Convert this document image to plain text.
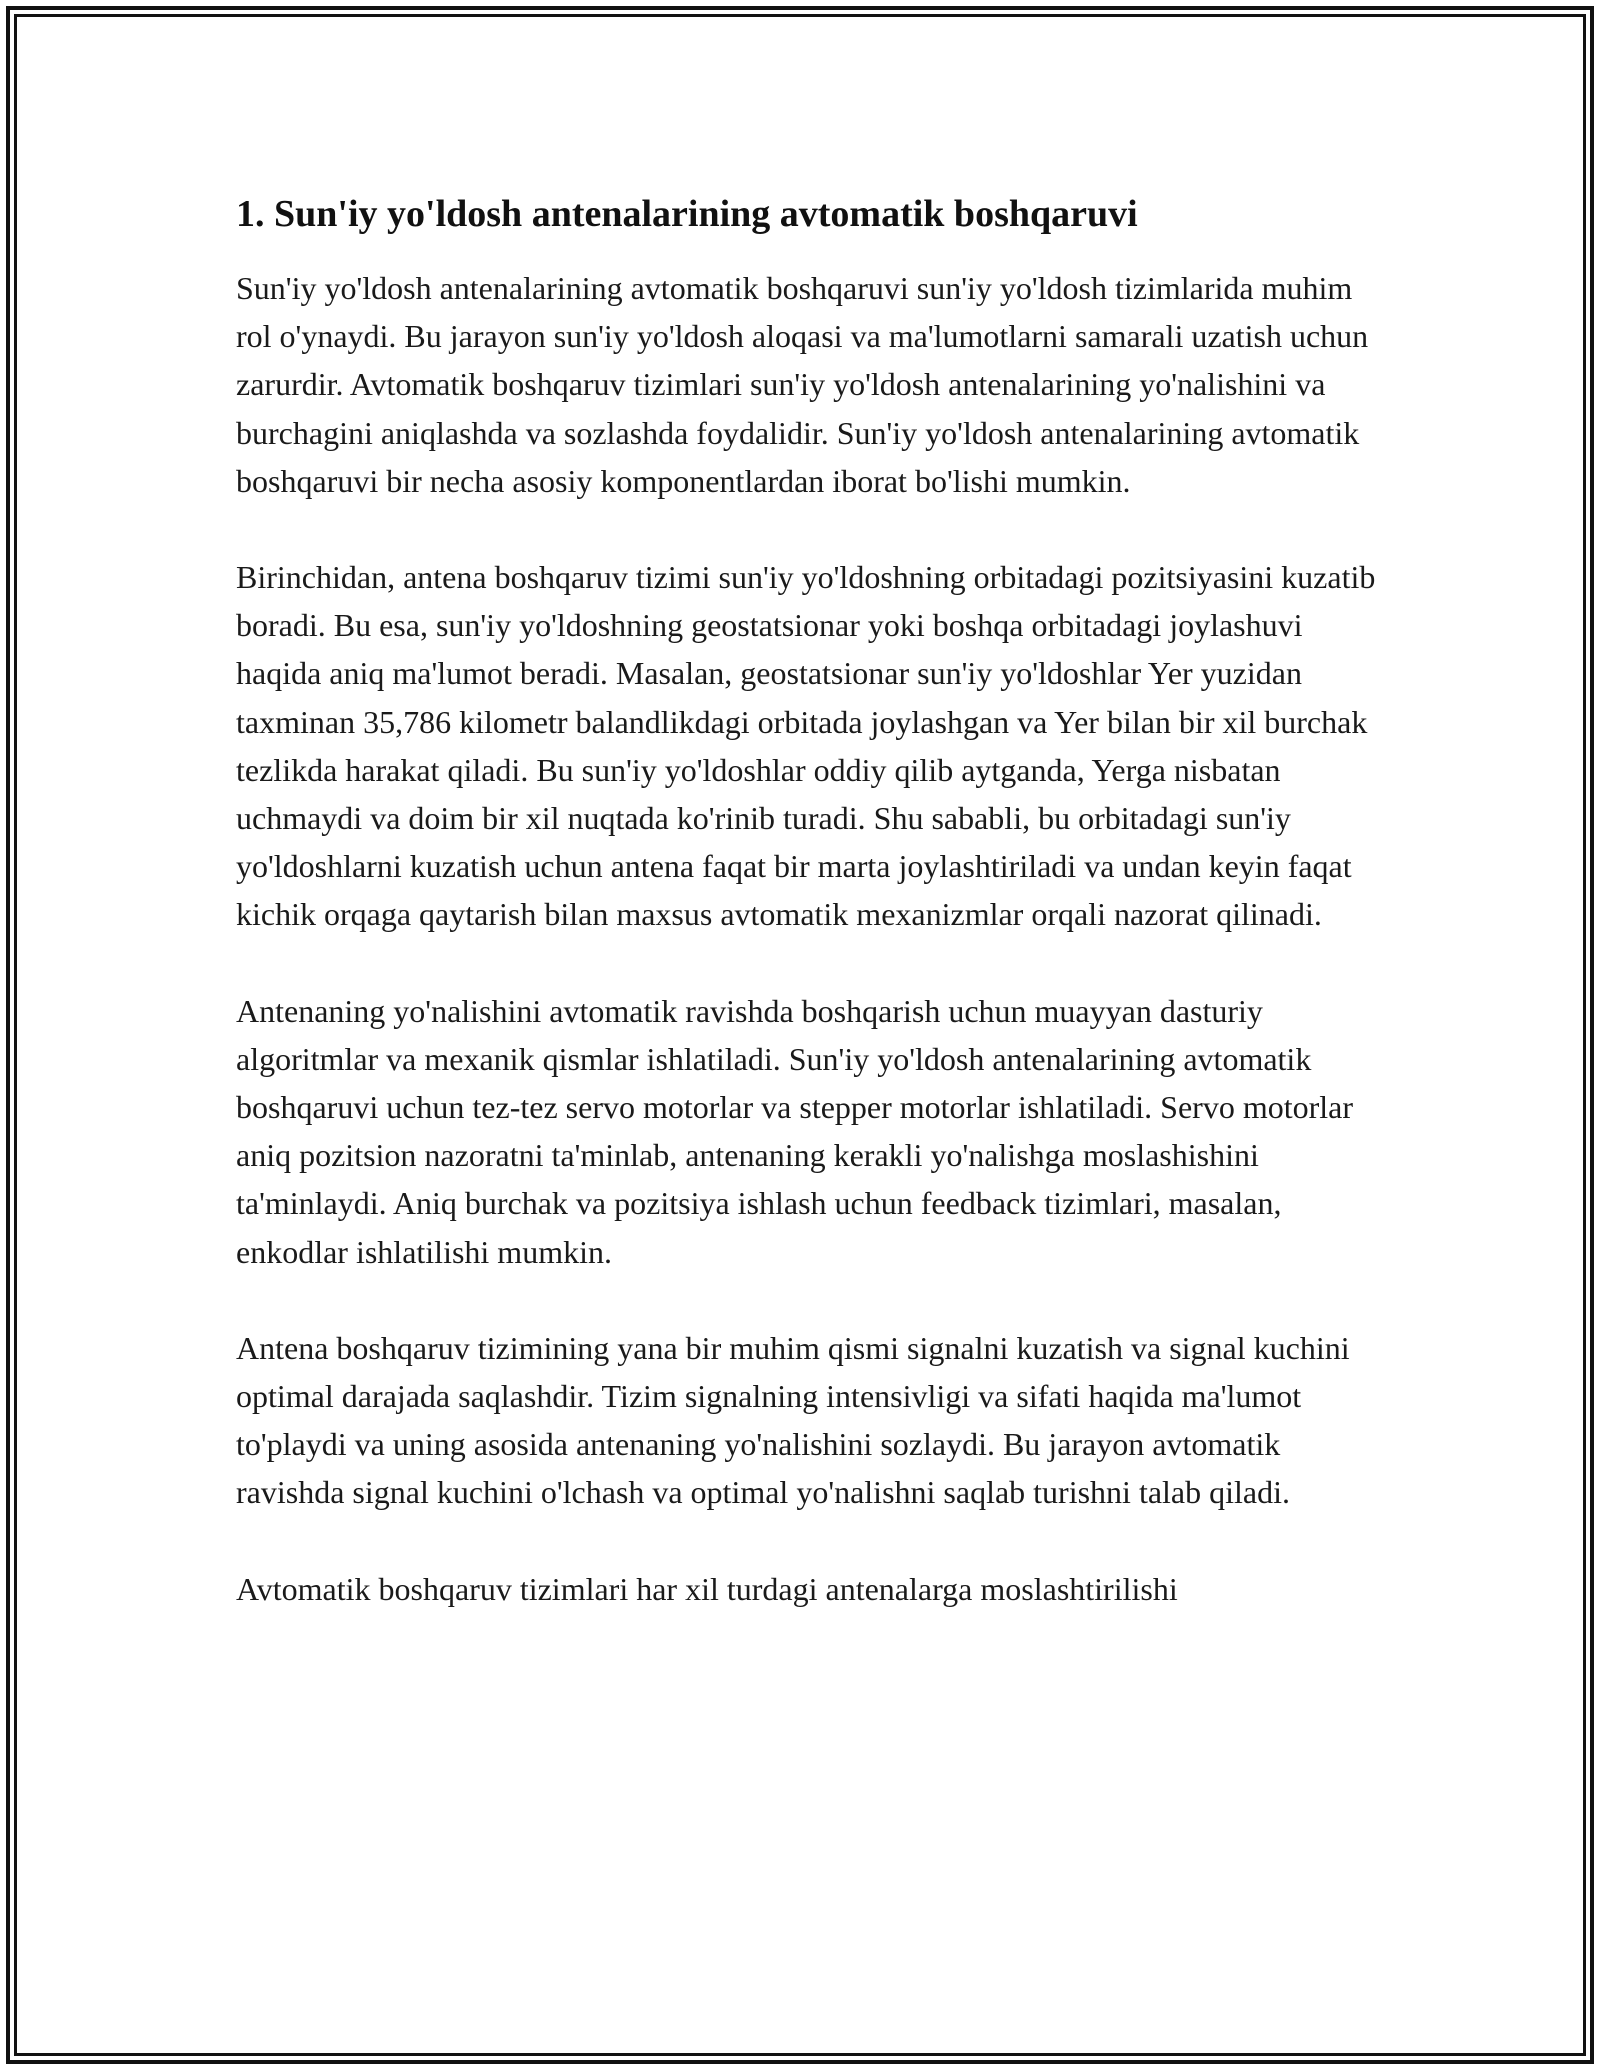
1. Sun'iy yo'ldosh antenalarining avtomatik boshqaruvi

Sun'iy yo'ldosh antenalarining avtomatik boshqaruvi sun'iy yo'ldosh tizimlarida muhim rol o'ynaydi. Bu jarayon sun'iy yo'ldosh aloqasi va ma'lumotlarni samarali uzatish uchun zarurdir. Avtomatik boshqaruv tizimlari sun'iy yo'ldosh antenalarining yo'nalishini va burchagini aniqlashda va sozlashda foydalidir. Sun'iy yo'ldosh antenalarining avtomatik boshqaruvi bir necha asosiy komponentlardan iborat bo'lishi mumkin.

Birinchidan, antena boshqaruv tizimi sun'iy yo'ldoshning orbitadagi pozitsiyasini kuzatib boradi. Bu esa, sun'iy yo'ldoshning geostatsionar yoki boshqa orbitadagi joylashuvi haqida aniq ma'lumot beradi. Masalan, geostatsionar sun'iy yo'ldoshlar Yer yuzidan taxminan 35,786 kilometr balandlikdagi orbitada joylashgan va Yer bilan bir xil burchak tezlikda harakat qiladi. Bu sun'iy yo'ldoshlar oddiy qilib aytganda, Yerga nisbatan uchmaydi va doim bir xil nuqtada ko'rinib turadi. Shu sababli, bu orbitadagi sun'iy yo'ldoshlarni kuzatish uchun antena faqat bir marta joylashtiriladi va undan keyin faqat kichik orqaga qaytarish bilan maxsus avtomatik mexanizmlar orqali nazorat qilinadi.

Antenaning yo'nalishini avtomatik ravishda boshqarish uchun muayyan dasturiy algoritmlar va mexanik qismlar ishlatiladi. Sun'iy yo'ldosh antenalarining avtomatik boshqaruvi uchun tez-tez servo motorlar va stepper motorlar ishlatiladi. Servo motorlar aniq pozitsion nazoratni ta'minlab, antenaning kerakli yo'nalishga moslashishini ta'minlaydi. Aniq burchak va pozitsiya ishlash uchun feedback tizimlari, masalan, enkodlar ishlatilishi mumkin.

Antena boshqaruv tizimining yana bir muhim qismi signalni kuzatish va signal kuchini optimal darajada saqlashdir. Tizim signalning intensivligi va sifati haqida ma'lumot to'playdi va uning asosida antenaning yo'nalishini sozlaydi. Bu jarayon avtomatik ravishda signal kuchini o'lchash va optimal yo'nalishni saqlab turishni talab qiladi.

Avtomatik boshqaruv tizimlari har xil turdagi antenalarga moslashtirilishi
